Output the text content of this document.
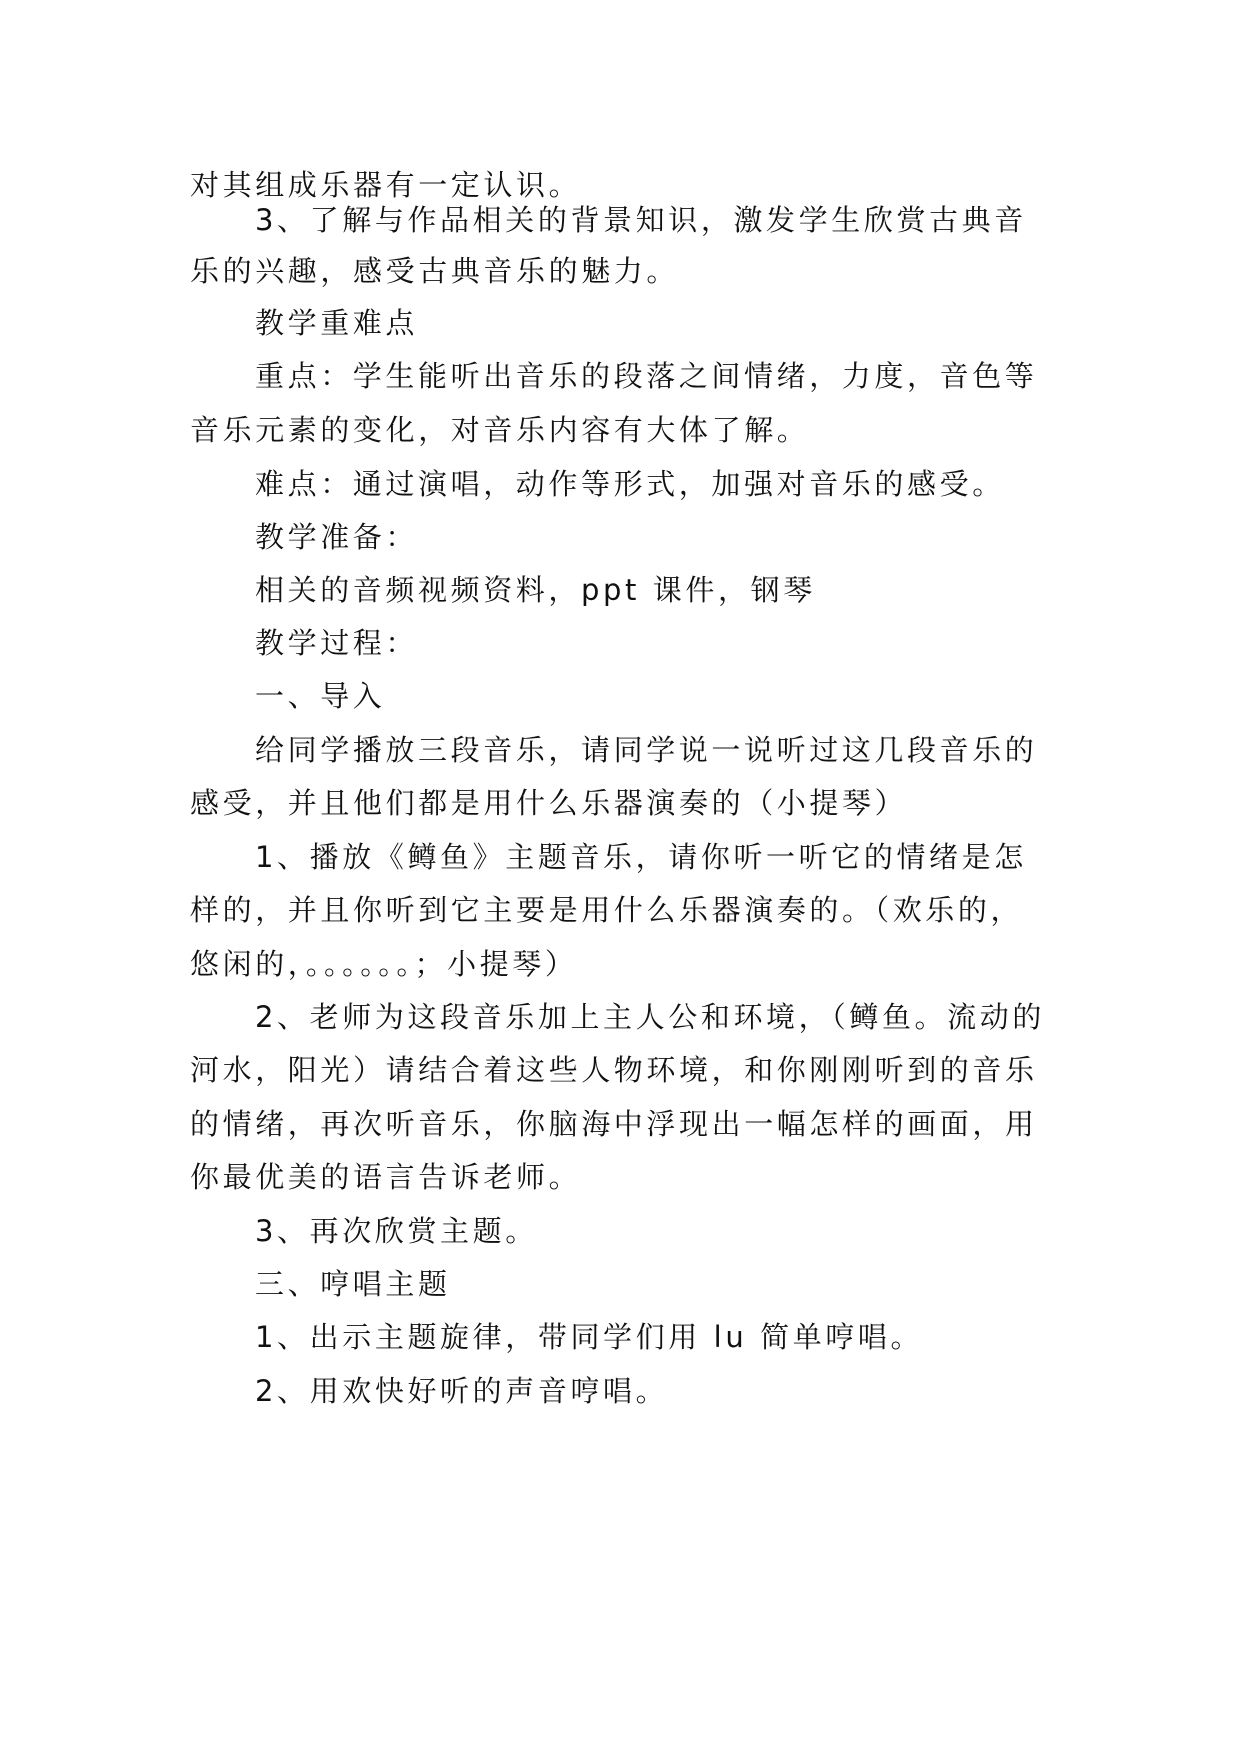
对其组成乐器有一定认识。
3、了解与作品相关的背景知识，激发学生欣赏古典音
乐的兴趣，感受古典音乐的魅力。
教学重难点
重点：学生能听出音乐的段落之间情绪，力度，音色等
音乐元素的变化，对音乐内容有大体了解。
难点：通过演唱，动作等形式，加强对音乐的感受。
教学准备：
相关的音频视频资料，ppt 课件，钢琴
教学过程：
一、导入
给同学播放三段音乐，请同学说一说听过这几段音乐的
感受，并且他们都是用什么乐器演奏的（小提琴）
1、播放《鳟鱼》主题音乐，请你听一听它的情绪是怎
样的，并且你听到它主要是用什么乐器演奏的。（欢乐的，
悠闲的，。。。。。。；小提琴）
2、老师为这段音乐加上主人公和环境，（鳟鱼。流动的
河水，阳光）请结合着这些人物环境，和你刚刚听到的音乐
的情绪，再次听音乐，你脑海中浮现出一幅怎样的画面，用
你最优美的语言告诉老师。
3、再次欣赏主题。
三、哼唱主题
1、出示主题旋律，带同学们用 lu 简单哼唱。
2、用欢快好听的声音哼唱。
